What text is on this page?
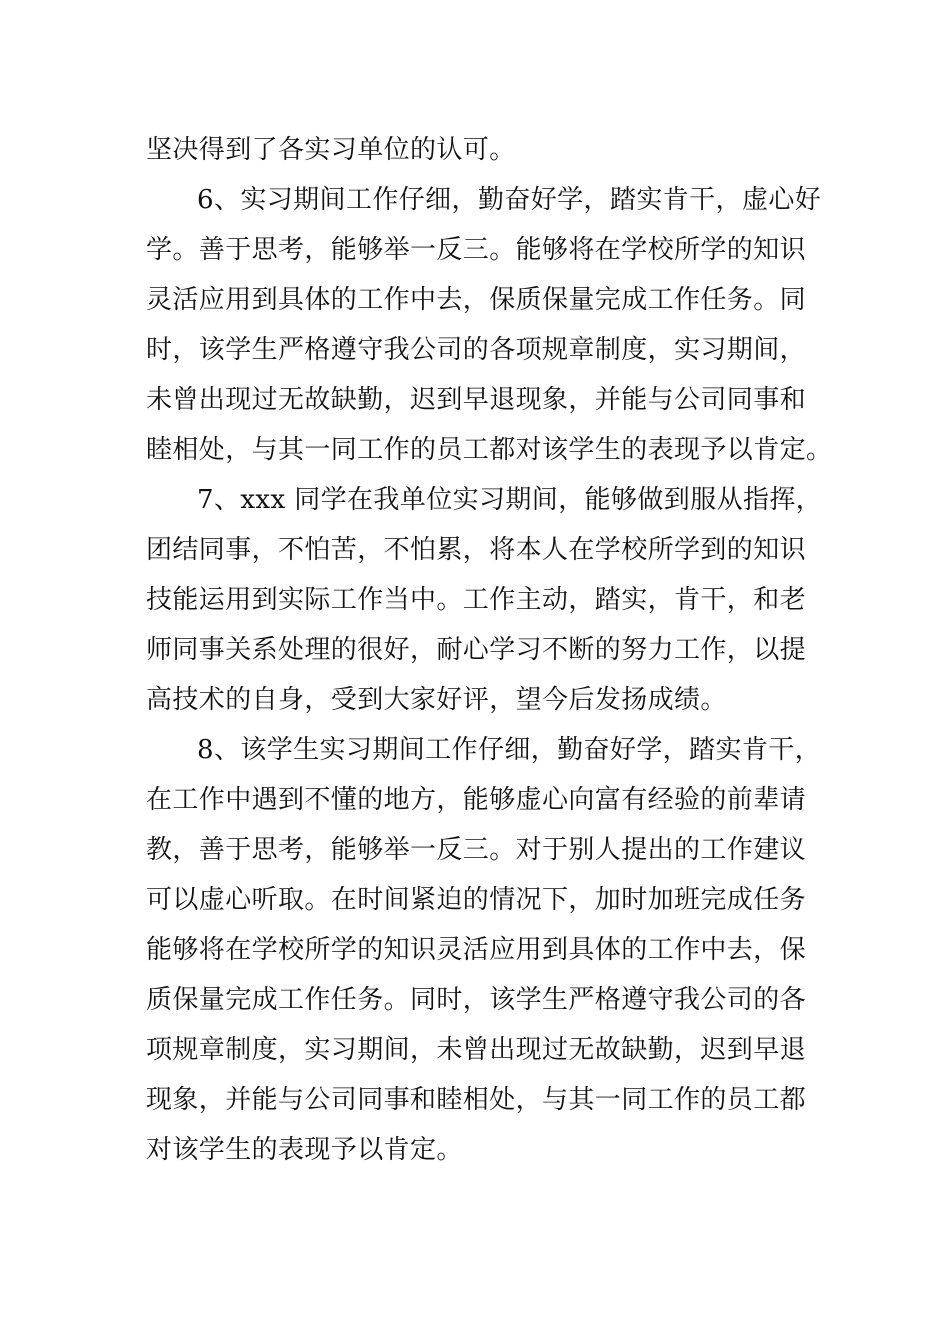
坚决得到了各实习单位的认可。
6、实习期间工作仔细，勤奋好学，踏实肯干，虚心好
学。善于思考，能够举一反三。能够将在学校所学的知识
灵活应用到具体的工作中去，保质保量完成工作任务。同
时，该学生严格遵守我公司的各项规章制度，实习期间，
未曾出现过无故缺勤，迟到早退现象，并能与公司同事和
睦相处，与其一同工作的员工都对该学生的表现予以肯定。
7、xxx 同学在我单位实习期间，能够做到服从指挥，
团结同事，不怕苦，不怕累，将本人在学校所学到的知识
技能运用到实际工作当中。工作主动，踏实，肯干，和老
师同事关系处理的很好，耐心学习不断的努力工作，以提
高技术的自身，受到大家好评，望今后发扬成绩。
8、该学生实习期间工作仔细，勤奋好学，踏实肯干，
在工作中遇到不懂的地方，能够虚心向富有经验的前辈请
教，善于思考，能够举一反三。对于别人提出的工作建议
可以虚心听取。在时间紧迫的情况下，加时加班完成任务
能够将在学校所学的知识灵活应用到具体的工作中去，保
质保量完成工作任务。同时，该学生严格遵守我公司的各
项规章制度，实习期间，未曾出现过无故缺勤，迟到早退
现象，并能与公司同事和睦相处，与其一同工作的员工都
对该学生的表现予以肯定。
